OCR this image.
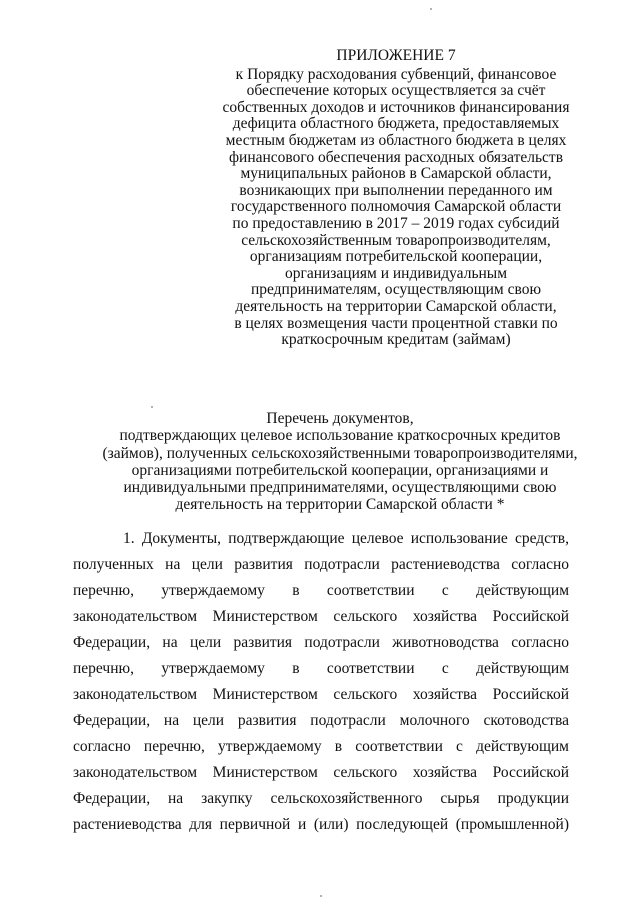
ПРИЛОЖЕНИЕ 7
к Порядку расходования субвенций, финансовое
обеспечение которых осуществляется за счёт
собственных доходов и источников финансирования
дефицита областного бюджета, предоставляемых
местным бюджетам из областного бюджета в целях
финансового обеспечения расходных обязательств
муниципальных районов в Самарской области,
возникающих при выполнении переданного им
государственного полномочия Самарской области
по предоставлению в 2017 – 2019 годах субсидий
сельскохозяйственным товаропроизводителям,
организациям потребительской кооперации,
организациям и индивидуальным
предпринимателям, осуществляющим свою
деятельность на территории Самарской области,
в целях возмещения части процентной ставки по
краткосрочным кредитам (займам)
Перечень документов,
подтверждающих целевое использование краткосрочных кредитов
(займов), полученных сельскохозяйственными товаропроизводителями,
организациями потребительской кооперации, организациями и
индивидуальными предпринимателями, осуществляющими свою
деятельность на территории Самарской области *
1. Документы, подтверждающие целевое использование средств,
полученных на цели развития подотрасли растениеводства согласно
перечню, утверждаемому в соответствии с действующим
законодательством Министерством сельского хозяйства Российской
Федерации, на цели развития подотрасли животноводства согласно
перечню, утверждаемому в соответствии с действующим
законодательством Министерством сельского хозяйства Российской
Федерации, на цели развития подотрасли молочного скотоводства
согласно перечню, утверждаемому в соответствии с действующим
законодательством Министерством сельского хозяйства Российской
Федерации, на закупку сельскохозяйственного сырья продукции
растениеводства для первичной и (или) последующей (промышленной)
